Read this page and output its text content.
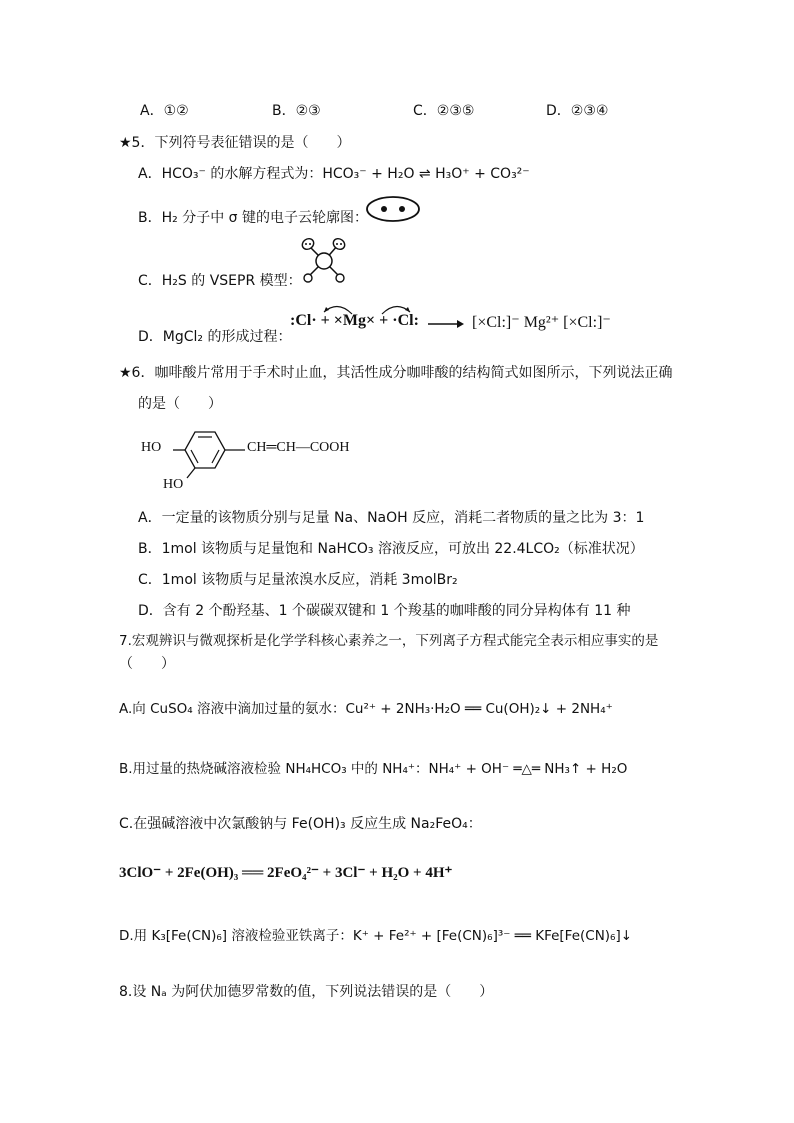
A．①②	B．②③	C．②③⑤	D．②③④
★5．下列符号表征错误的是（　　）
A．HCO₃⁻ 的水解方程式为：HCO₃⁻ + H₂O ⇌ H₃O⁺ + CO₃²⁻
B．H₂ 分子中 σ 键的电子云轮廓图：
C．H₂S 的 VSEPR 模型：
D．MgCl₂ 的形成过程：
:Cl· + ×Mg× + ·Cl: → [×Cl:]⁻ Mg²⁺ [×Cl:]⁻
★6．咖啡酸片常用于手术时止血，其活性成分咖啡酸的结构简式如图所示，下列说法正确
的是（　　）
HO
HO
CH═CH—COOH
A．一定量的该物质分别与足量 Na、NaOH 反应，消耗二者物质的量之比为 3：1
B．1mol 该物质与足量饱和 NaHCO₃ 溶液反应，可放出 22.4LCO₂（标准状况）
C．1mol 该物质与足量浓溴水反应，消耗 3molBr₂
D．含有 2 个酚羟基、1 个碳碳双键和 1 个羧基的咖啡酸的同分异构体有 11 种
7.宏观辨识与微观探析是化学学科核心素养之一，下列离子方程式能完全表示相应事实的是
（　　）
A.向 CuSO₄ 溶液中滴加过量的氨水：Cu²⁺ + 2NH₃·H₂O ══ Cu(OH)₂↓ + 2NH₄⁺
B.用过量的热烧碱溶液检验 NH₄HCO₃ 中的 NH₄⁺：NH₄⁺ + OH⁻ ═△═ NH₃↑ + H₂O
C.在强碱溶液中次氯酸钠与 Fe(OH)₃ 反应生成 Na₂FeO₄：
3ClO⁻ + 2Fe(OH)₃ ══ 2FeO₄²⁻ + 3Cl⁻ + H₂O + 4H⁺
D.用 K₃[Fe(CN)₆] 溶液检验亚铁离子：K⁺ + Fe²⁺ + [Fe(CN)₆]³⁻ ══ KFe[Fe(CN)₆]↓
8.设 Nₐ 为阿伏加德罗常数的值，下列说法错误的是（　　）
